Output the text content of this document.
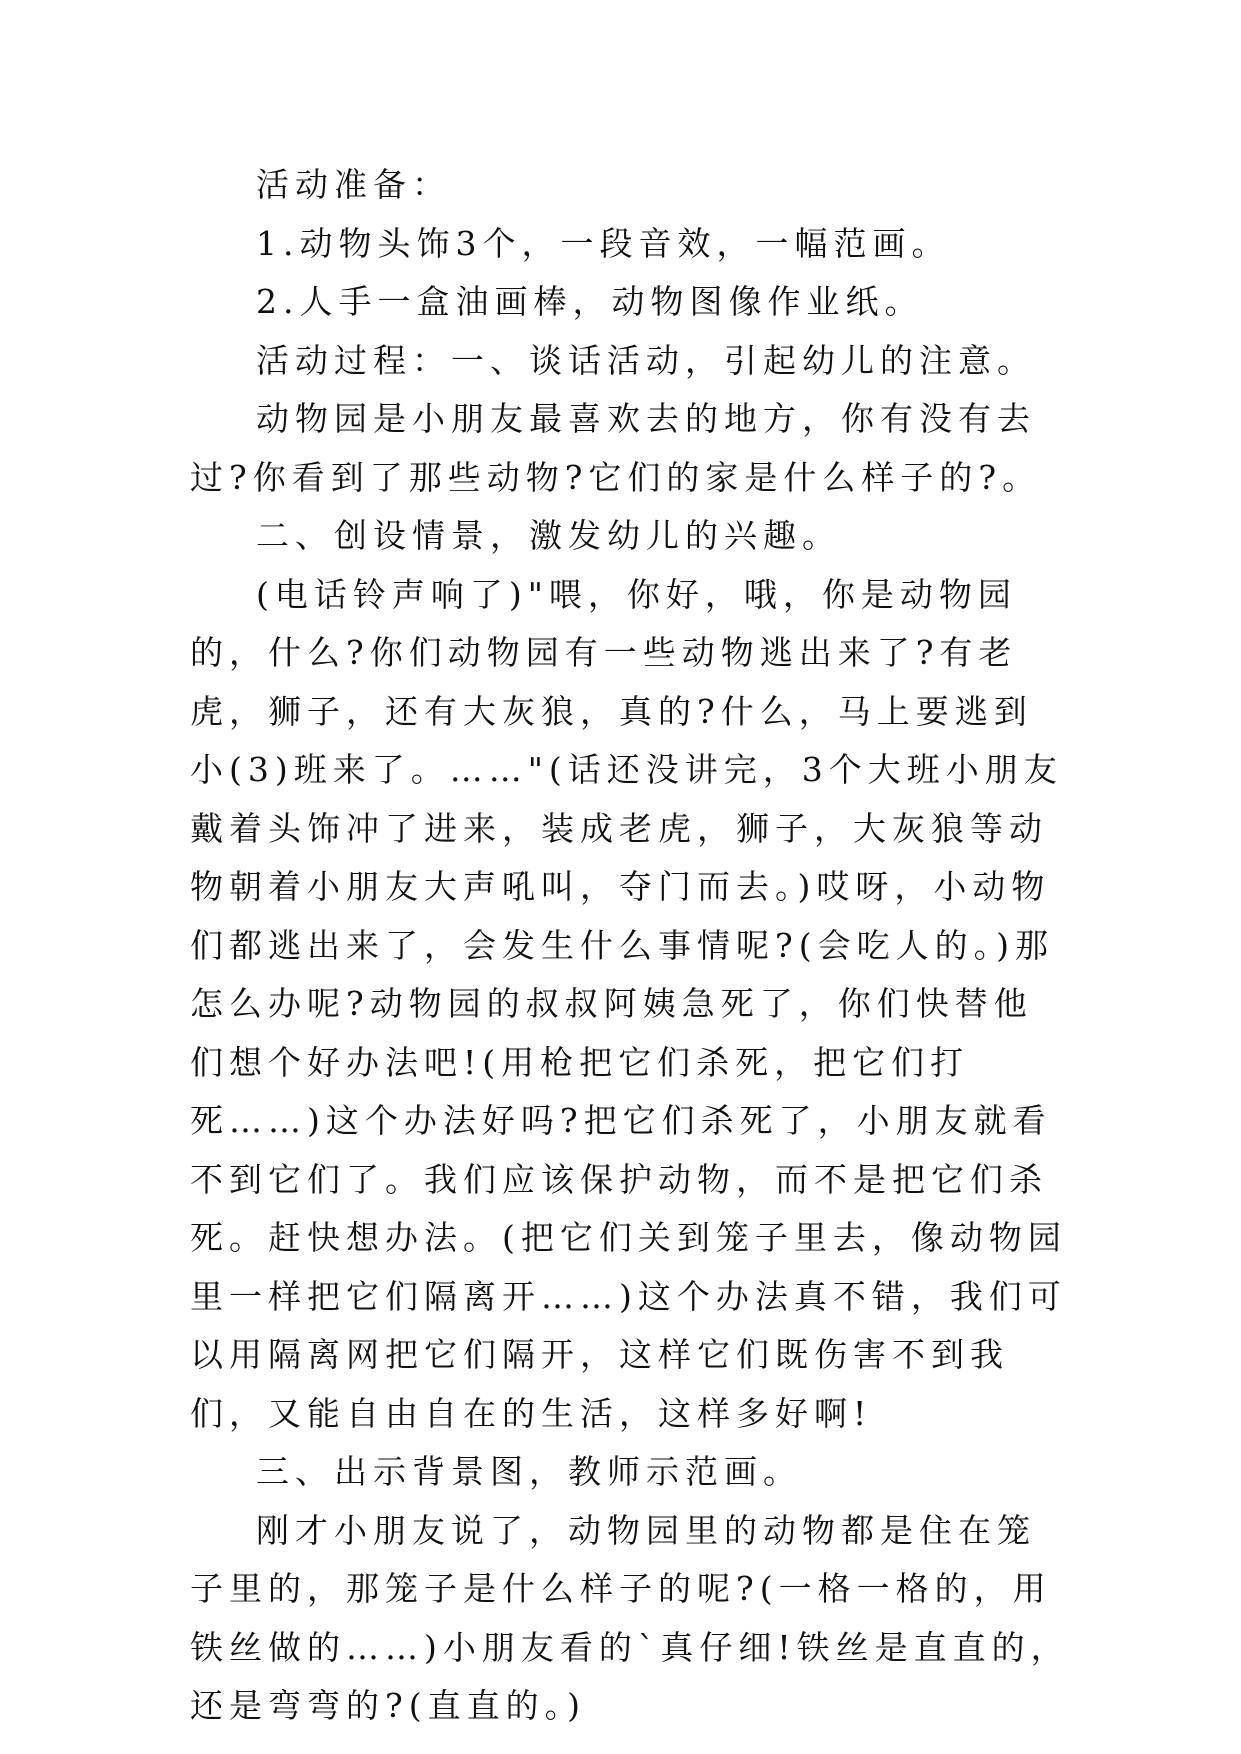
活动准备：

1.动物头饰3个，一段音效，一幅范画。

2.人手一盒油画棒，动物图像作业纸。

活动过程：一、谈话活动，引起幼儿的注意。

动物园是小朋友最喜欢去的地方，你有没有去过?你看到了那些动物?它们的家是什么样子的?。

二、创设情景，激发幼儿的兴趣。

(电话铃声响了)"喂，你好，哦，你是动物园的，什么?你们动物园有一些动物逃出来了?有老虎，狮子，还有大灰狼，真的?什么，马上要逃到小(3)班来了。……"(话还没讲完，3个大班小朋友戴着头饰冲了进来，装成老虎，狮子，大灰狼等动物朝着小朋友大声吼叫，夺门而去。)哎呀，小动物们都逃出来了，会发生什么事情呢?(会吃人的。)那怎么办呢?动物园的叔叔阿姨急死了，你们快替他们想个好办法吧!(用枪把它们杀死，把它们打死……)这个办法好吗?把它们杀死了，小朋友就看不到它们了。我们应该保护动物，而不是把它们杀死。赶快想办法。(把它们关到笼子里去，像动物园里一样把它们隔离开……)这个办法真不错，我们可以用隔离网把它们隔开，这样它们既伤害不到我们，又能自由自在的生活，这样多好啊!

三、出示背景图，教师示范画。

刚才小朋友说了，动物园里的动物都是住在笼子里的，那笼子是什么样子的呢?(一格一格的，用铁丝做的……)小朋友看的`真仔细!铁丝是直直的，还是弯弯的?(直直的。)
